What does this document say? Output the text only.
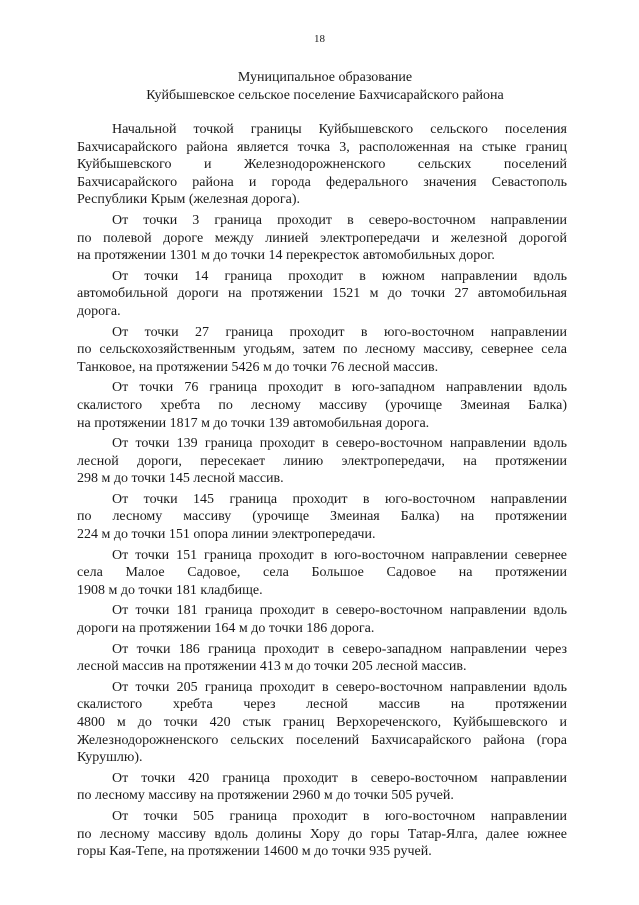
18
Муниципальное образование
Куйбышевское сельское поселение Бахчисарайского района
Начальной точкой границы Куйбышевского сельского поселения
Бахчисарайского района является точка 3, расположенная на стыке границ
Куйбышевского и Железнодорожненского сельских поселений
Бахчисарайского района и города федерального значения Севастополь
Республики Крым (железная дорога).
От точки 3 граница проходит в северо-восточном направлении
по полевой дороге между линией электропередачи и железной дорогой
на протяжении 1301 м до точки 14 перекресток автомобильных дорог.
От точки 14 граница проходит в южном направлении вдоль
автомобильной дороги на протяжении 1521 м до точки 27 автомобильная
дорога.
От точки 27 граница проходит в юго-восточном направлении
по сельскохозяйственным угодьям, затем по лесному массиву, севернее села
Танковое, на протяжении 5426 м до точки 76 лесной массив.
От точки 76 граница проходит в юго-западном направлении вдоль
скалистого хребта по лесному массиву (урочище Змеиная Балка)
на протяжении 1817 м до точки 139 автомобильная дорога.
От точки 139 граница проходит в северо-восточном направлении вдоль
лесной дороги, пересекает линию электропередачи, на протяжении
298 м до точки 145 лесной массив.
От точки 145 граница проходит в юго-восточном направлении
по лесному массиву (урочище Змеиная Балка) на протяжении
224 м до точки 151 опора линии электропередачи.
От точки 151 граница проходит в юго-восточном направлении севернее
села Малое Садовое, села Большое Садовое на протяжении
1908 м до точки 181 кладбище.
От точки 181 граница проходит в северо-восточном направлении вдоль
дороги на протяжении 164 м до точки 186 дорога.
От точки 186 граница проходит в северо-западном направлении через
лесной массив на протяжении 413 м до точки 205 лесной массив.
От точки 205 граница проходит в северо-восточном направлении вдоль
скалистого хребта через лесной массив на протяжении
4800 м до точки 420 стык границ Верхореченского, Куйбышевского и
Железнодорожненского сельских поселений Бахчисарайского района (гора
Курушлю).
От точки 420 граница проходит в северо-восточном направлении
по лесному массиву на протяжении 2960 м до точки 505 ручей.
От точки 505 граница проходит в юго-восточном направлении
по лесному массиву вдоль долины Хору до горы Татар-Ялга, далее южнее
горы Кая-Тепе, на протяжении 14600 м до точки 935 ручей.
